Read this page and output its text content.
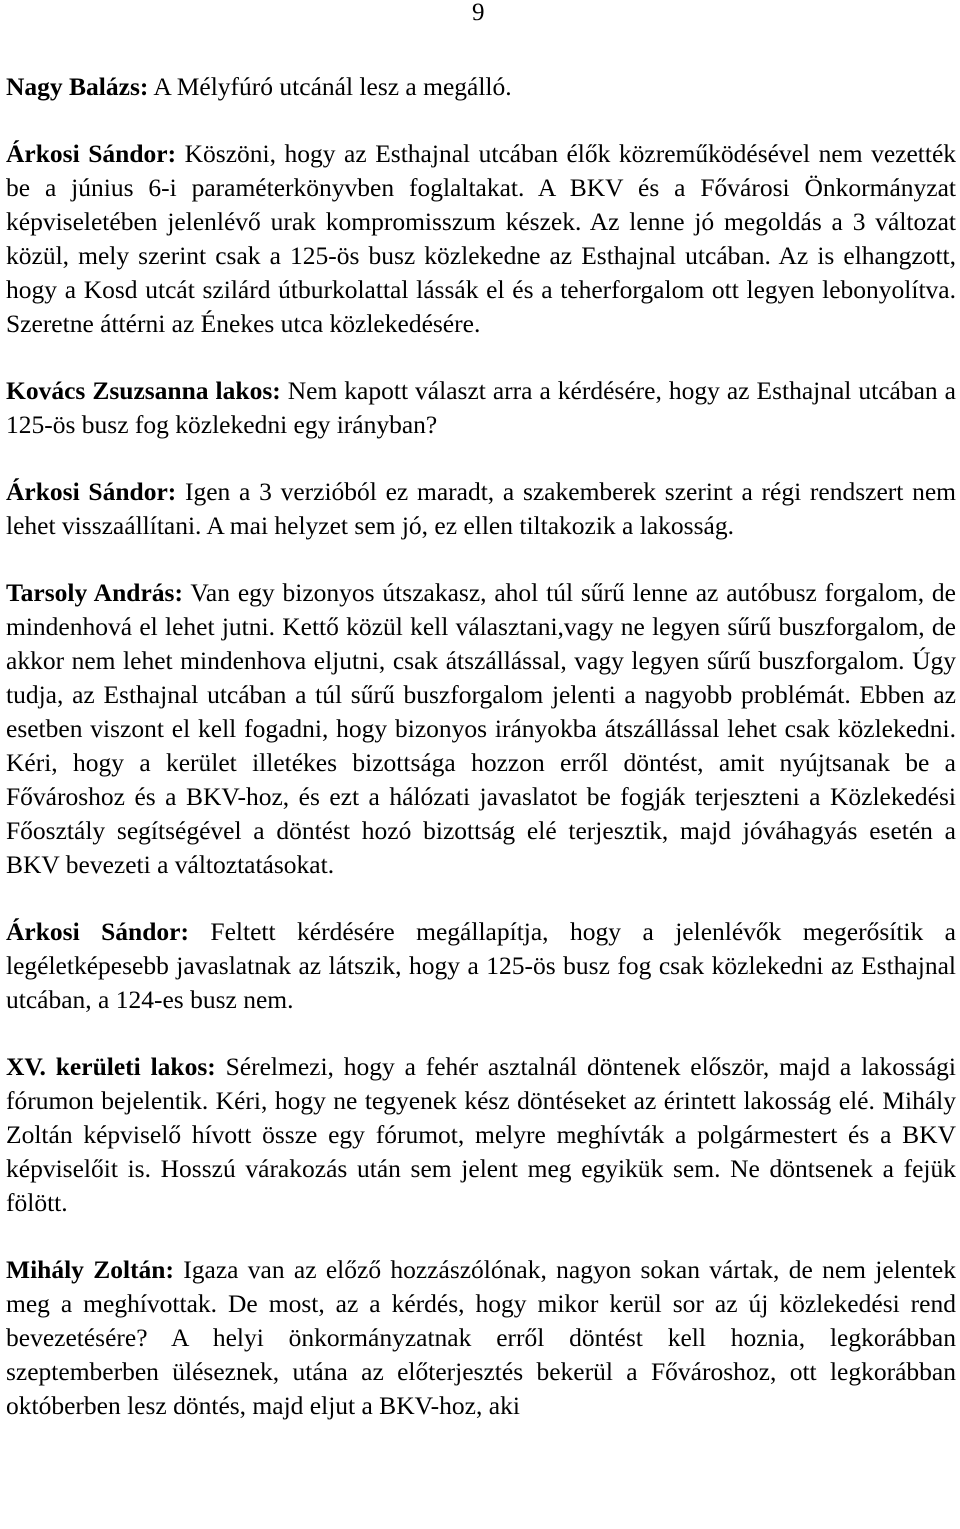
9

Nagy Balázs: A Mélyfúró utcánál lesz a megálló.

Árkosi Sándor: Köszöni, hogy az Esthajnal utcában élők közreműködésével nem vezették be a június 6-i paraméterkönyvben foglaltakat. A BKV és a Fővárosi Önkormányzat képviseletében jelenlévő urak kompromisszum készek. Az lenne jó megoldás a 3 változat közül, mely szerint csak a 125-ös busz közlekedne az Esthajnal utcában. Az is elhangzott, hogy a Kosd utcát szilárd útburkolattal lássák el és a teherforgalom ott legyen lebonyolítva. Szeretne áttérni az Énekes utca közlekedésére.

Kovács Zsuzsanna lakos: Nem kapott választ arra a kérdésére, hogy az Esthajnal utcában a 125-ös busz fog közlekedni egy irányban?

Árkosi Sándor: Igen a 3 verzióból ez maradt, a szakemberek szerint a régi rendszert nem lehet visszaállítani. A mai helyzet sem jó, ez ellen tiltakozik a lakosság.

Tarsoly András: Van egy bizonyos útszakasz, ahol túl sűrű lenne az autóbusz forgalom, de mindenhová el lehet jutni. Kettő közül kell választani,vagy ne legyen sűrű buszforgalom, de akkor nem lehet mindenhova eljutni, csak átszállással, vagy legyen sűrű buszforgalom. Úgy tudja, az Esthajnal utcában a túl sűrű buszforgalom jelenti a nagyobb problémát. Ebben az esetben viszont el kell fogadni, hogy bizonyos irányokba átszállással lehet csak közlekedni. Kéri, hogy a kerület illetékes bizottsága hozzon erről döntést, amit nyújtsanak be a Fővároshoz és a BKV-hoz, és ezt a hálózati javaslatot be fogják terjeszteni a Közlekedési Főosztály segítségével a döntést hozó bizottság elé terjesztik, majd jóváhagyás esetén a BKV bevezeti a változtatásokat.

Árkosi Sándor: Feltett kérdésére megállapítja, hogy a jelenlévők megerősítik a legéletképesebb javaslatnak az látszik, hogy a 125-ös busz fog csak közlekedni az Esthajnal utcában, a 124-es busz nem.

XV. kerületi lakos: Sérelmezi, hogy a fehér asztalnál döntenek először, majd a lakossági fórumon bejelentik. Kéri, hogy ne tegyenek kész döntéseket az érintett lakosság elé. Mihály Zoltán képviselő hívott össze egy fórumot, melyre meghívták a polgármestert és a BKV képviselőit is. Hosszú várakozás után sem jelent meg egyikük sem. Ne döntsenek a fejük fölött.

Mihály Zoltán: Igaza van az előző hozzászólónak, nagyon sokan vártak, de nem jelentek meg a meghívottak. De most, az a kérdés, hogy mikor kerül sor az új közlekedési rend bevezetésére? A helyi önkormányzatnak erről döntést kell hoznia, legkorábban szeptemberben üléseznek, utána az előterjesztés bekerül a Fővároshoz, ott legkorábban októberben lesz döntés, majd eljut a BKV-hoz, aki
